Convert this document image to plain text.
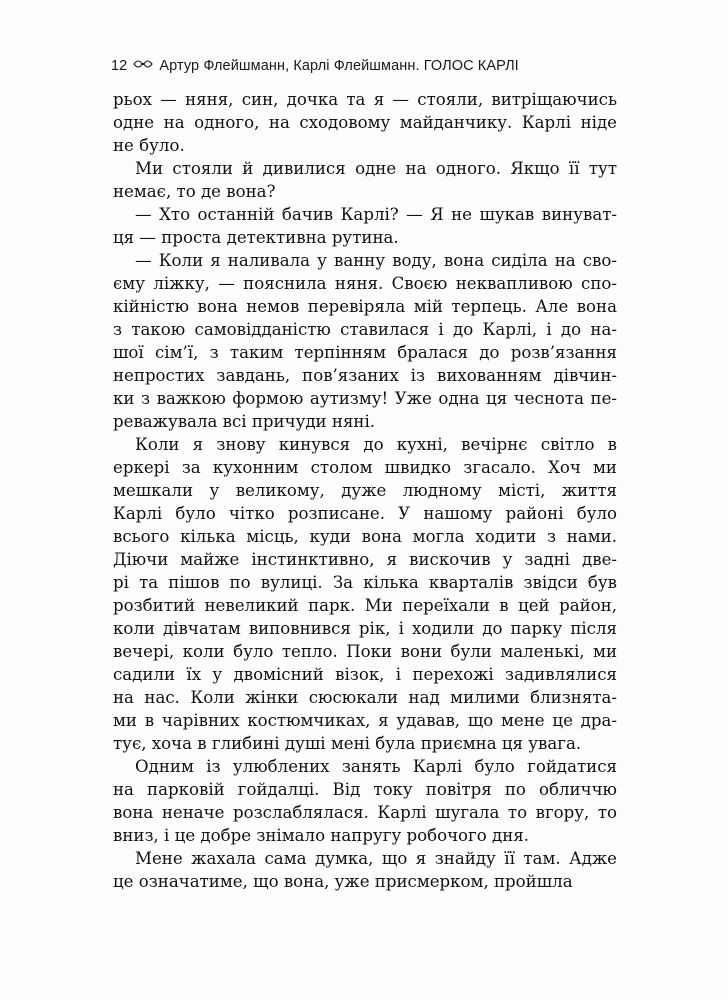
12 Артур Флейшманн, Карлі Флейшманн. ГОЛОС КАРЛІ
рьох — няня, син, дочка та я — стояли, витріщаючись
одне на одного, на сходовому майданчику. Карлі ніде
не було.
Ми стояли й дивилися одне на одного. Якщо її тут
немає, то де вона?
— Хто останній бачив Карлі? — Я не шукав винуват-
ця — проста детективна рутина.
— Коли я наливала у ванну воду, вона сиділа на сво-
єму ліжку, — пояснила няня. Своєю неквапливою спо-
кійністю вона немов перевіряла мій терпець. Але вона
з такою самовідданістю ставилася і до Карлі, і до на-
шої сім’ї, з таким терпінням бралася до розв’язання
непростих завдань, пов’язаних із вихованням дівчин-
ки з важкою формою аутизму! Уже одна ця чеснота пе-
реважувала всі причуди няні.
Коли я знову кинувся до кухні, вечірнє світло в
еркері за кухонним столом швидко згасало. Хоч ми
мешкали у великому, дуже людному місті, життя
Карлі було чітко розписане. У нашому районі було
всього кілька місць, куди вона могла ходити з нами.
Діючи майже інстинктивно, я вискочив у задні две-
рі та пішов по вулиці. За кілька кварталів звідси був
розбитий невеликий парк. Ми переїхали в цей район,
коли дівчатам виповнився рік, і ходили до парку після
вечері, коли було тепло. Поки вони були маленькі, ми
садили їх у двомісний візок, і перехожі задивлялися
на нас. Коли жінки сюсюкали над милими близнята-
ми в чарівних костюмчиках, я удавав, що мене це дра-
тує, хоча в глибині душі мені була приємна ця увага.
Одним із улюблених занять Карлі було гойдатися
на парковій гойдалці. Від току повітря по обличчю
вона неначе розслаблялася. Карлі шугала то вгору, то
вниз, і це добре знімало напругу робочого дня.
Мене жахала сама думка, що я знайду її там. Адже
це означатиме, що вона, уже присмерком, пройшла
